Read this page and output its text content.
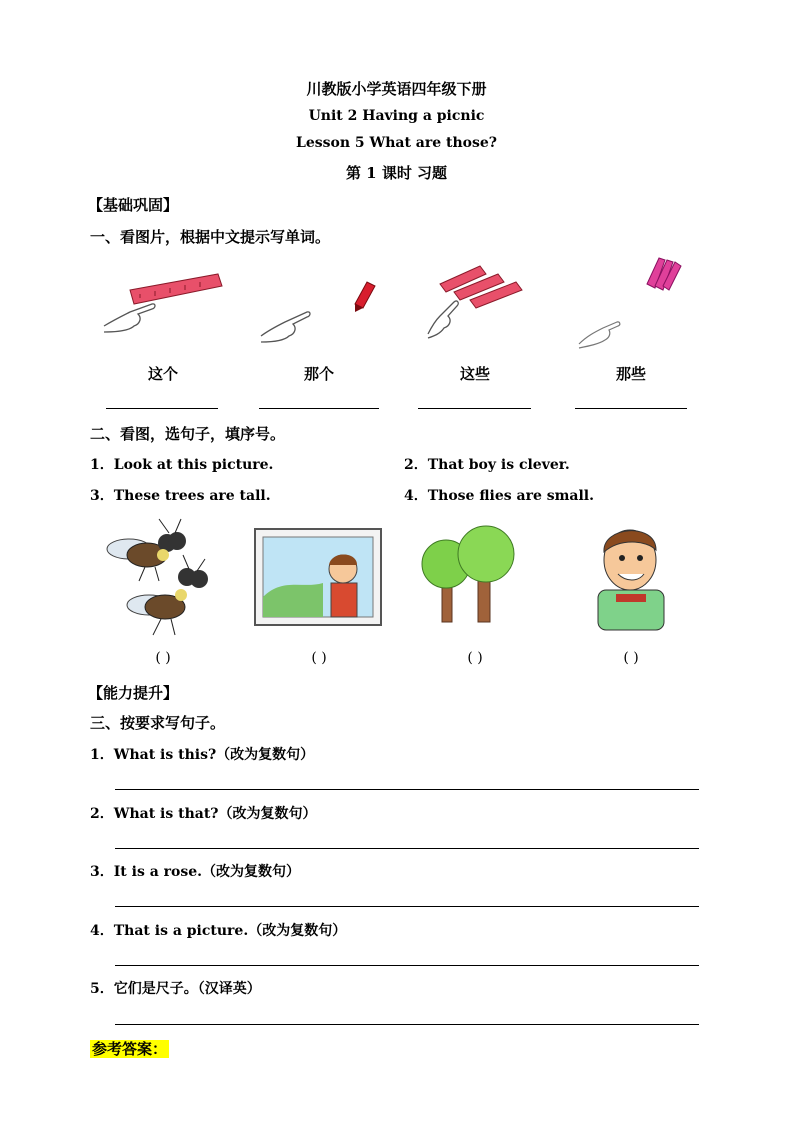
川教版小学英语四年级下册
Unit 2 Having a picnic
Lesson 5 What are those?
第 1 课时 习题
【基础巩固】
一、看图片，根据中文提示写单词。
这个	那个	这些	那些
二、看图，选句子，填序号。
1．Look at this picture.	2．That boy is clever.
3．These trees are tall.	4．Those flies are small.
( )	( )	( )	( )
【能力提升】
三、按要求写句子。
1．What is this?（改为复数句）
2．What is that?（改为复数句）
3．It is a rose.（改为复数句）
4．That is a picture.（改为复数句）
5．它们是尺子。（汉译英）
参考答案：
